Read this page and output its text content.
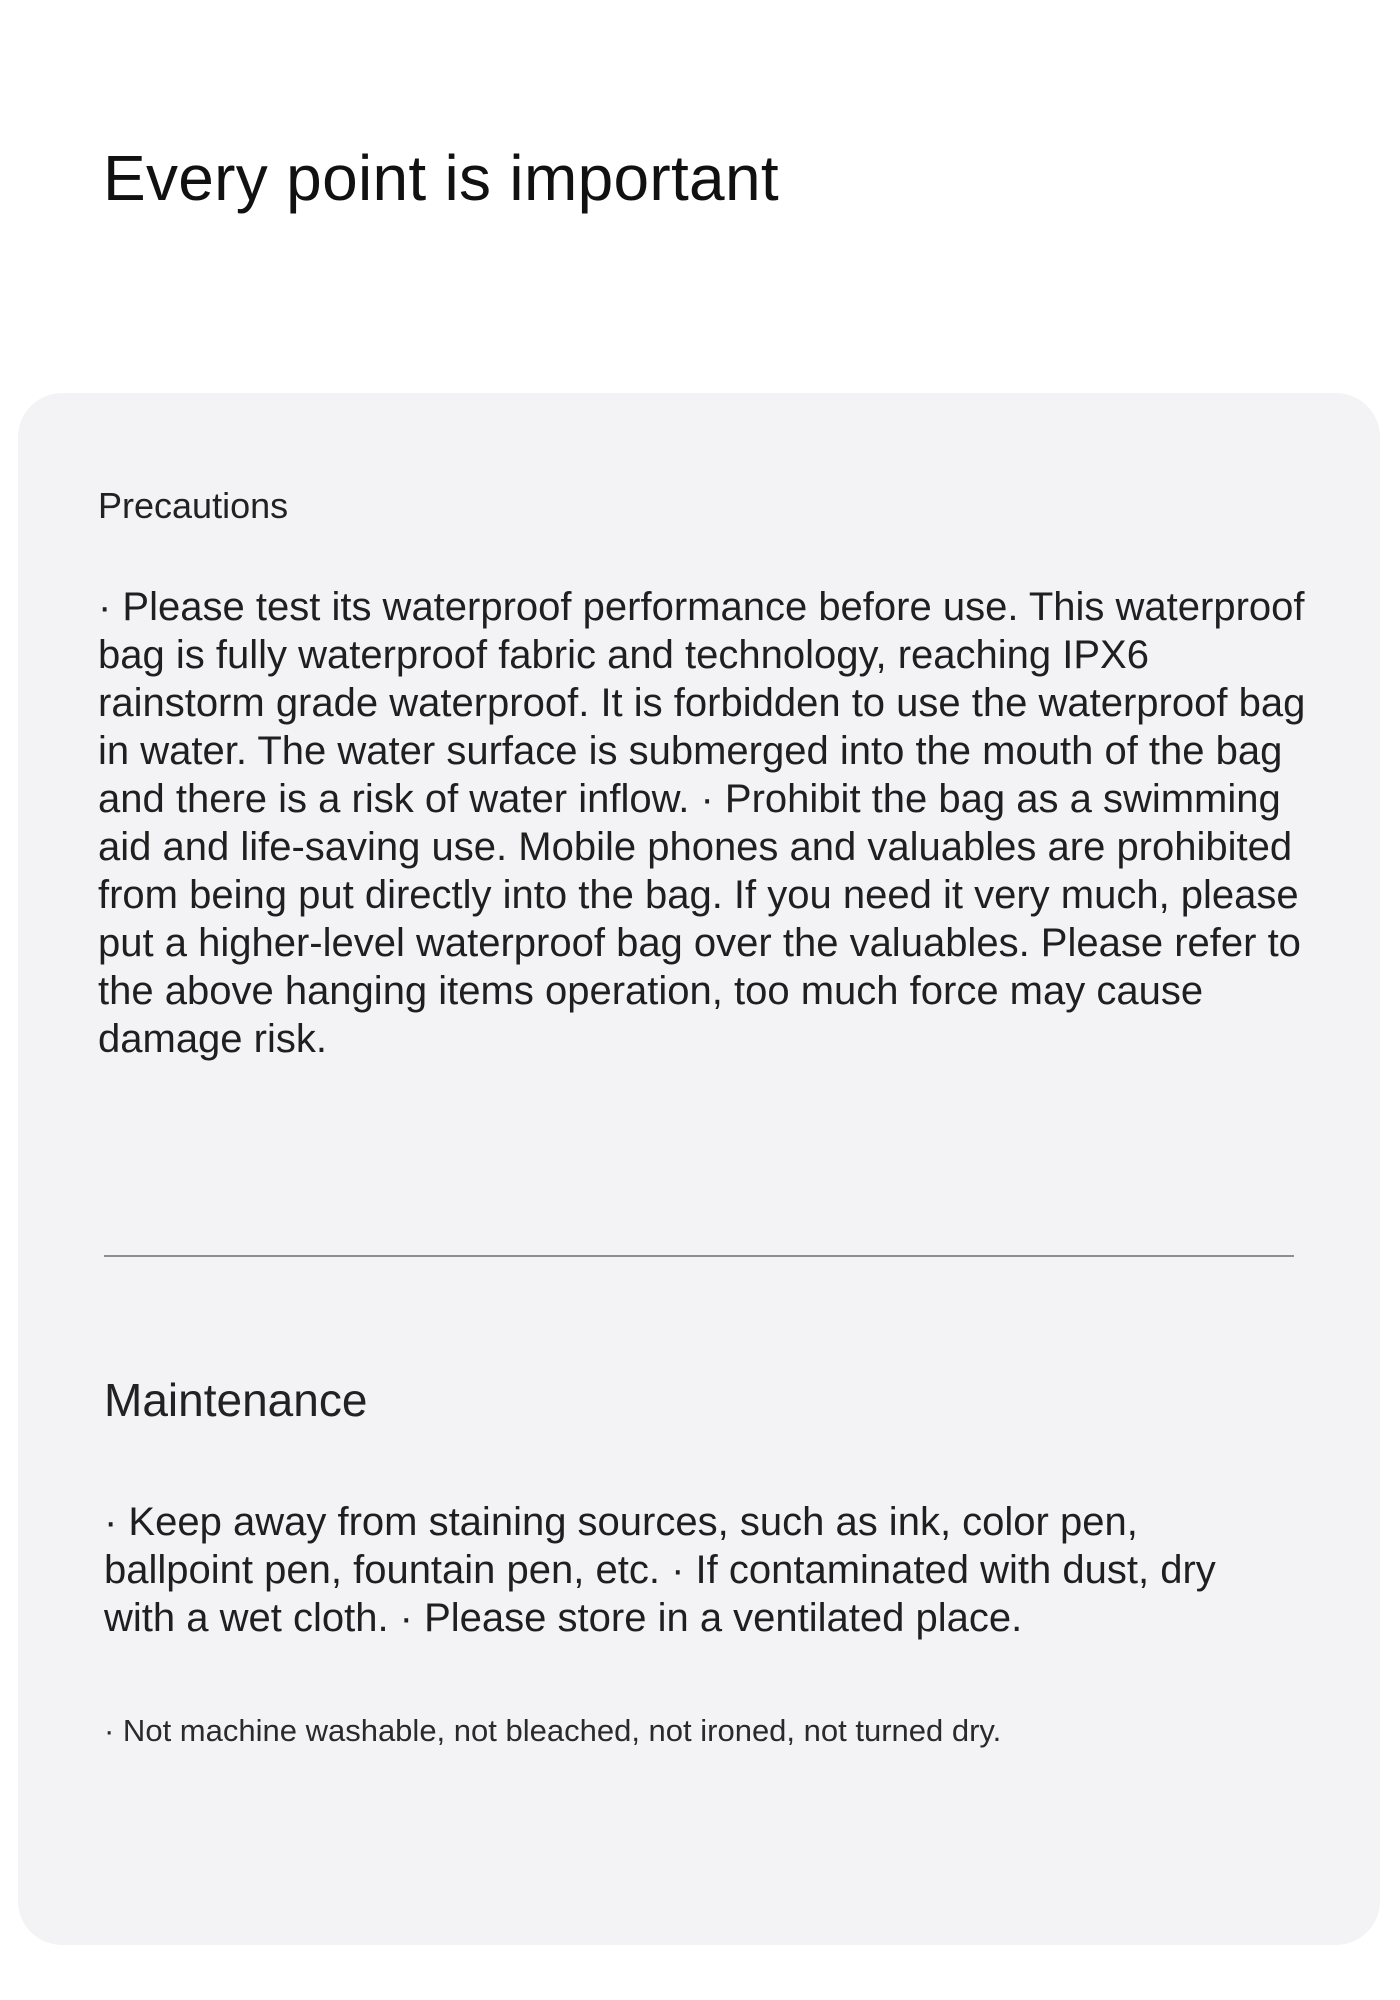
Every point is important
Precautions

· Please test its waterproof performance before use. This waterproof bag is fully waterproof fabric and technology, reaching IPX6 rainstorm grade waterproof. It is forbidden to use the waterproof bag in water. The water surface is submerged into the mouth of the bag and there is a risk of water inflow. · Prohibit the bag as a swimming aid and life-saving use. Mobile phones and valuables are prohibited from being put directly into the bag. If you need it very much, please put a higher-level waterproof bag over the valuables. Please refer to the above hanging items operation, too much force may cause damage risk.

Maintenance

· Keep away from staining sources, such as ink, color pen, ballpoint pen, fountain pen, etc. · If contaminated with dust, dry with a wet cloth. · Please store in a ventilated place.

· Not machine washable, not bleached, not ironed, not turned dry.
